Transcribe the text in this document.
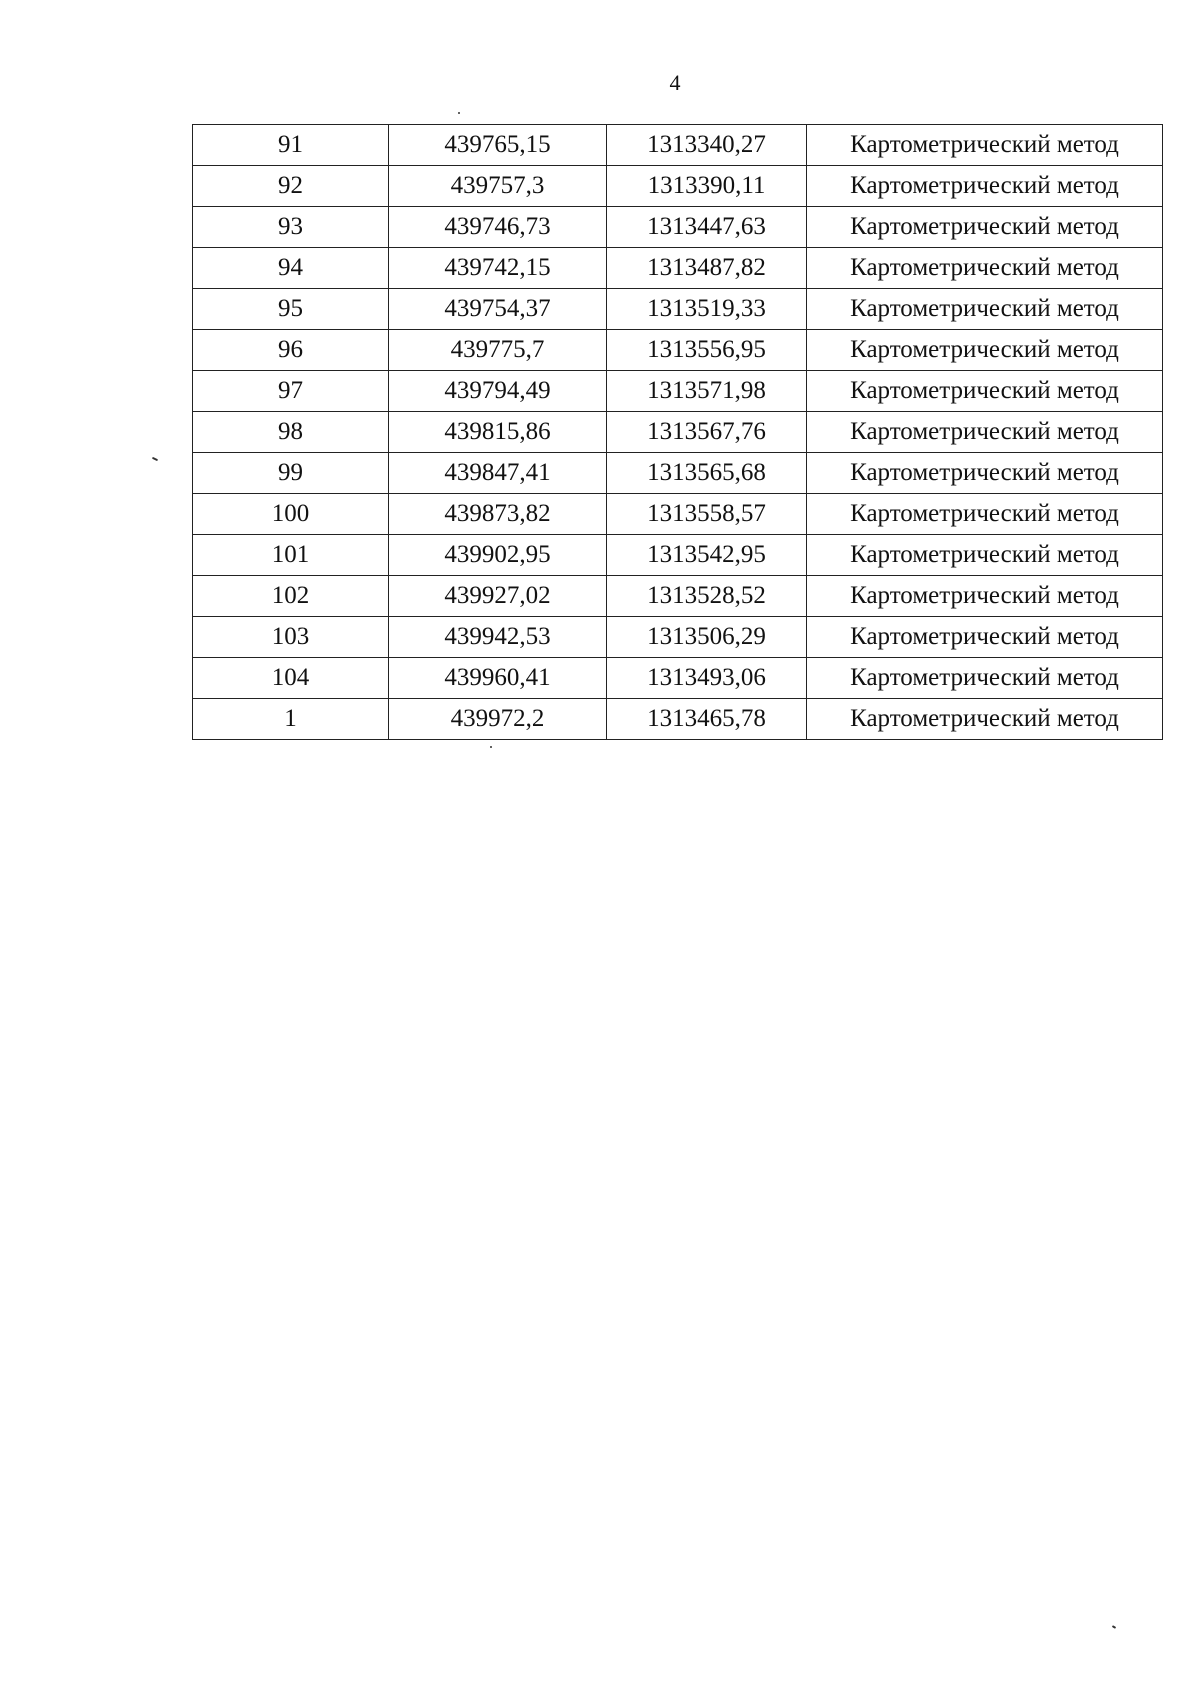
4
91	439765,15	1313340,27	Картометрический метод
92	439757,3	1313390,11	Картометрический метод
93	439746,73	1313447,63	Картометрический метод
94	439742,15	1313487,82	Картометрический метод
95	439754,37	1313519,33	Картометрический метод
96	439775,7	1313556,95	Картометрический метод
97	439794,49	1313571,98	Картометрический метод
98	439815,86	1313567,76	Картометрический метод
99	439847,41	1313565,68	Картометрический метод
100	439873,82	1313558,57	Картометрический метод
101	439902,95	1313542,95	Картометрический метод
102	439927,02	1313528,52	Картометрический метод
103	439942,53	1313506,29	Картометрический метод
104	439960,41	1313493,06	Картометрический метод
1	439972,2	1313465,78	Картометрический метод
